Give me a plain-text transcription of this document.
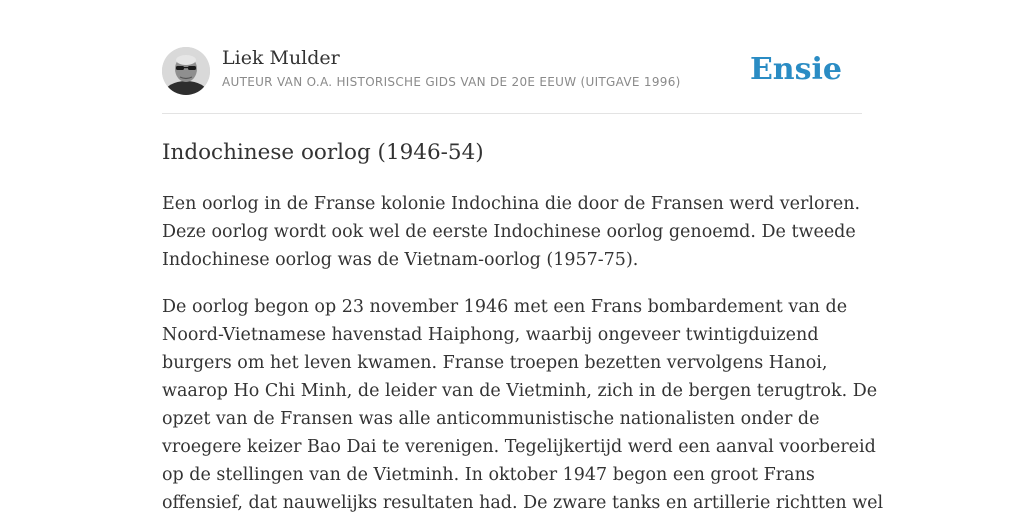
Liek Mulder
AUTEUR VAN O.A. HISTORISCHE GIDS VAN DE 20E EEUW (UITGAVE 1996) Ensie
Indochinese oorlog (1946-54)
Een oorlog in de Franse kolonie Indochina die door de Fransen werd verloren.
Deze oorlog wordt ook wel de eerste Indochinese oorlog genoemd. De tweede
Indochinese oorlog was de Vietnam-oorlog (1957-75).
De oorlog begon op 23 november 1946 met een Frans bombardement van de
Noord-Vietnamese havenstad Haiphong, waarbij ongeveer twintigduizend
burgers om het leven kwamen. Franse troepen bezetten vervolgens Hanoi,
waarop Ho Chi Minh, de leider van de Vietminh, zich in de bergen terugtrok. De
opzet van de Fransen was alle anticommunistische nationalisten onder de
vroegere keizer Bao Dai te verenigen. Tegelijkertijd werd een aanval voorbereid
op de stellingen van de Vietminh. In oktober 1947 begon een groot Frans
offensief, dat nauwelijks resultaten had. De zware tanks en artillerie richtten wel
